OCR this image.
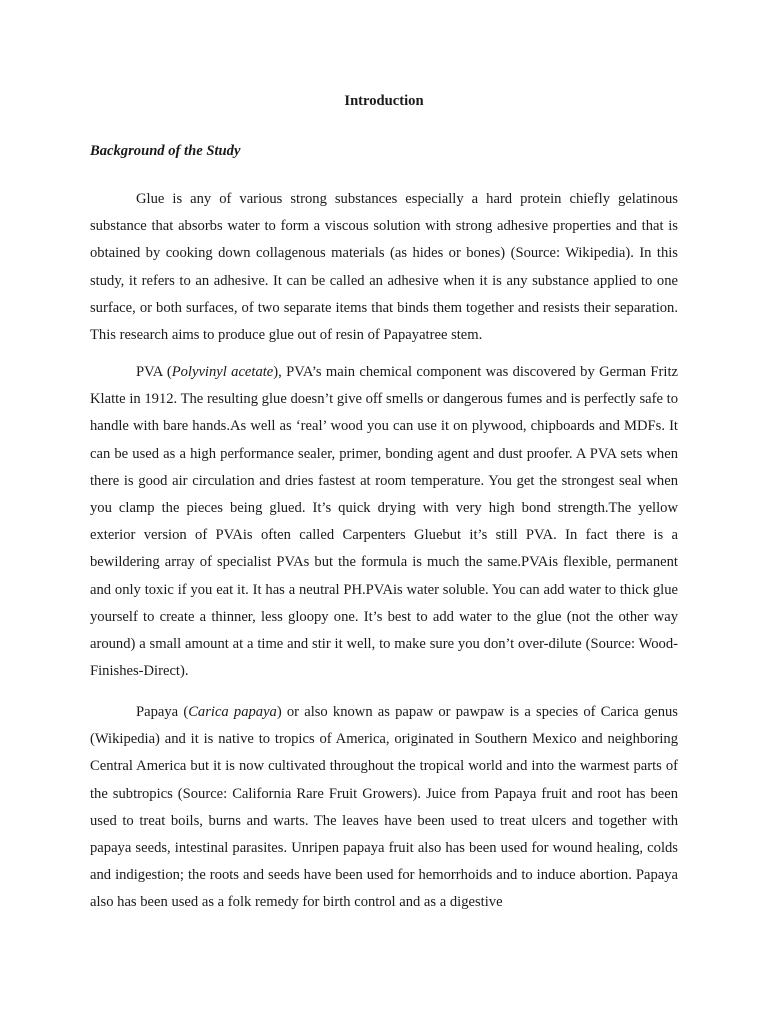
Introduction
Background of the Study

Glue is any of various strong substances especially a hard protein chiefly gelatinous substance that absorbs water to form a viscous solution with strong adhesive properties and that is obtained by cooking down collagenous materials (as hides or bones) (Source: Wikipedia). In this study, it refers to an adhesive. It can be called an adhesive when it is any substance applied to one surface, or both surfaces, of two separate items that binds them together and resists their separation. This research aims to produce glue out of resin of Papayatree stem.

PVA (Polyvinyl acetate), PVA’s main chemical component was discovered by German Fritz Klatte in 1912. The resulting glue doesn’t give off smells or dangerous fumes and is perfectly safe to handle with bare hands.As well as ‘real’ wood you can use it on plywood, chipboards and MDFs. It can be used as a high performance sealer, primer, bonding agent and dust proofer. A PVA sets when there is good air circulation and dries fastest at room temperature. You get the strongest seal when you clamp the pieces being glued. It’s quick drying with very high bond strength.The yellow exterior version of PVAis often called Carpenters Gluebut it’s still PVA. In fact there is a bewildering array of specialist PVAs but the formula is much the same.PVAis flexible, permanent and only toxic if you eat it. It has a neutral PH.PVAis water soluble. You can add water to thick glue yourself to create a thinner, less gloopy one. It’s best to add water to the glue (not the other way around) a small amount at a time and stir it well, to make sure you don’t over-dilute (Source: Wood-Finishes-Direct).

Papaya (Carica papaya) or also known as papaw or pawpaw is a species of Carica genus (Wikipedia) and it is native to tropics of America, originated in Southern Mexico and neighboring Central America but it is now cultivated throughout the tropical world and into the warmest parts of the subtropics (Source: California Rare Fruit Growers). Juice from Papaya fruit and root has been used to treat boils, burns and warts. The leaves have been used to treat ulcers and together with papaya seeds, intestinal parasites. Unripen papaya fruit also has been used for wound healing, colds and indigestion; the roots and seeds have been used for hemorrhoids and to induce abortion. Papaya also has been used as a folk remedy for birth control and as a digestive
